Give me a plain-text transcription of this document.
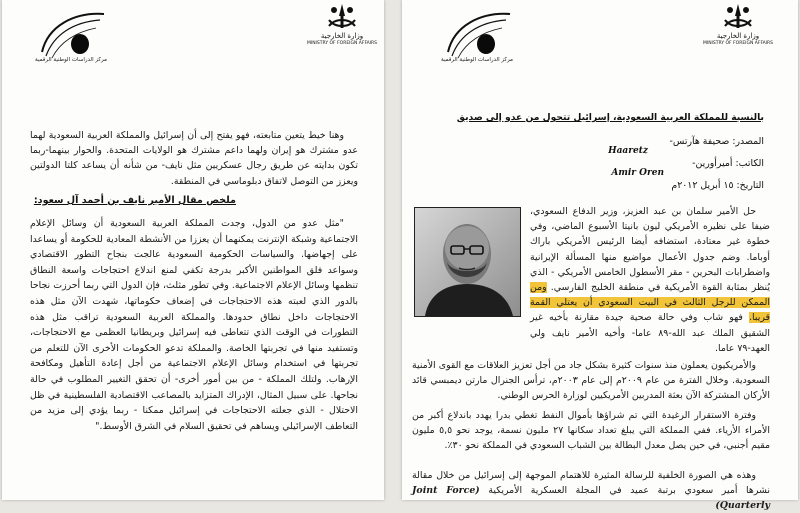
مركز الدراسات الوطنية الرقمية
وزارة الخارجية
MINISTRY OF FOREIGN AFFAIRS

وهنا خيط يتعين متابعته، فهو يفتح إلى أن إسرائيل والمملكة العربية السعودية لهما عدو مشترك هو إيران ولهما داعم مشترك هو الولايات المتحدة. والحوار بينهما-ربما تكون بدايته عن طريق رجال عسكريين مثل نايف- من شأنه أن يساعد كلتا الدولتين ويعزز من التوصل لاتفاق دبلوماسي في المنطقة.

ملخص مقال الأمير نايف بن أحمد آل سعود:

"مثل عدو من الدول، وجدت المملكة العربية السعودية أن وسائل الإعلام الاجتماعية وشبكة الإنترنت يمكنهما أن يعززا من الأنشطة المعادية للحكومة أو يساعدا على إجهاضها. والسياسات الحكومية السعودية عالجت بنجاح التطور الاقتصادي وسواعد فلق المواطنين الأكبر بدرجة تكفي لمنع اندلاع احتجاجات واسعة النطاق تنظمها وسائل الإعلام الاجتماعية. وفي تطور مثلث، فإن الدول التي ربما أحرزت نجاحا بالدور الذي لعبته هذه الاحتجاجات في إضعاف حكوماتها، شهدت الآن مثل هذه الاحتجاجات داخل نطاق حدودها. والمملكة العربية السعودية تراقب مثل هذه التطورات في الوقت الذي تتعاطى فيه إسرائيل وبريطانيا العظمى مع الاحتجاجات، وتستفيد منها في تجربتها الخاصة. والمملكة تدعو الحكومات الأخرى الآن للتعلم من تجربتها في استخدام وسائل الإعلام الاجتماعية من أجل إعادة التأهيل ومكافحة الإرهاب. ولتلك المملكة - من بين أمور أخرى- أن تحقق التغيير المطلوب في حالة نجاحها. على سبيل المثال، الإدراك المتزايد بالمصاعب الاقتصادية الفلسطينية في ظل الاحتلال - الذي جعلته الاحتجاجات في إسرائيل ممكنا - ربما يؤدي إلى مزيد من التعاطف الإسرائيلي ويساهم في تحقيق السلام في الشرق الأوسط."

مركز الدراسات الوطنية الرقمية
وزارة الخارجية
MINISTRY OF FOREIGN AFFAIRS
بالنسبة للمملكة العربية السعودية، إسرائيل تتحول من عدو إلى صديق
المصدر: صحيفة هآرتس-
Haaretz
الكاتب: أميرأورين-
Amir Oren
التاريخ: ١٥ أبريل ٢٠١٢م

حل الأمير سلمان بن عبد العزيز، وزير الدفاع السعودي، ضيفا على نظيره الأمريكي ليون بانيتا الأسبوع الماضي، وفي خطوة غير معتادة، استضافه أيضا الرئيس الأمريكي باراك أوباما. وضم جدول الأعمال مواضيع منها المسألة الإيرانية واضطرابات البحرين - مقر الأسطول الخامس الأمريكي - الذي يُنظر بمثابة القوة الأمريكية في منطقة الخليج الفارسي. ومن الممكن للرجل الثالث في البيت السعودي أن يعتلي القمة قريبا. فهو شاب وفي حالة صحية جيدة مقارنة بأخيه غير الشقيق الملك عبد الله-٨٩ عاما- وأخيه الأمير نايف ولي العهد-٧٩ عاما.

والأمريكيون يعملون منذ سنوات كثيرة بشكل جاد من أجل تعزيز العلاقات مع القوى الأمنية السعودية. وخلال الفترة من عام ٢٠٠٩م إلى عام ٢٠٠٣م، ترأس الجنرال مارتن ديمبسي قائد الأركان المشتركة الآن بعثة المدربين الأمريكيين لوزارة الحرس الوطني.

وفترة الاستقرار الرغيدة التي تم شراؤها بأموال النفط تغطي بدرا يهدد باندلاع أكبر من الأمراء الأرياء. ففي المملكة التي يبلغ تعداد سكانها ٢٧ مليون نسمة، يوجد نحو ٥,٥ مليون مقيم أجنبي، في حين يصل معدل البطالة بين الشباب السعودي في المملكة نحو ٣٠٪.

وهذه هي الصورة الخلفية للرسالة المثيرة للاهتمام الموجهة إلى إسرائيل من خلال مقالة نشرها أمير سعودي برتبة عميد في المجلة العسكرية الأمريكية (Joint Force Quarterly)
